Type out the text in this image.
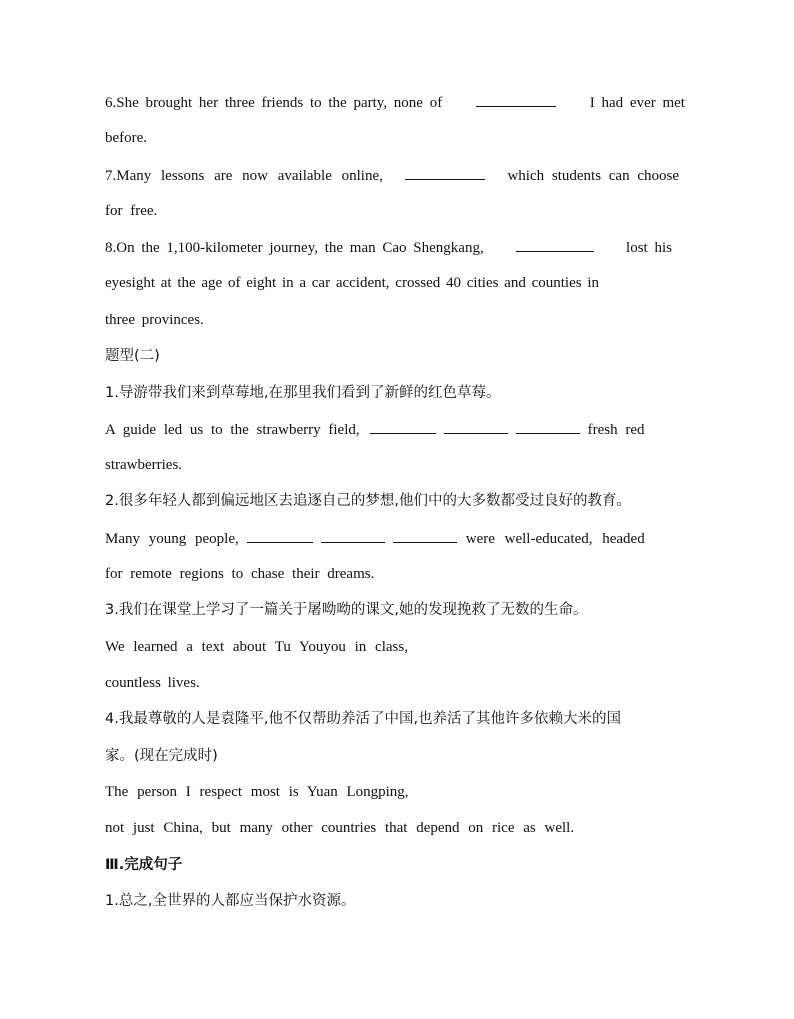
6.She brought her three friends to the party, none of	I had ever met
before.
7.Many lessons are now available online,	which students can choose
for free.
8.On the 1,100-kilometer journey, the man Cao Shengkang,	lost his
eyesight at the age of eight in a car accident, crossed 40 cities and counties in
three provinces.
题型(二)
1.导游带我们来到草莓地,在那里我们看到了新鲜的红色草莓。
A guide led us to the strawberry field,	fresh red
strawberries.
2.很多年轻人都到偏远地区去追逐自己的梦想,他们中的大多数都受过良好的教育。
Many young people,	were well-educated, headed
for remote regions to chase their dreams.
3.我们在课堂上学习了一篇关于屠呦呦的课文,她的发现挽救了无数的生命。
We learned a text about Tu Youyou in class,
countless lives.
4.我最尊敬的人是袁隆平,他不仅帮助养活了中国,也养活了其他许多依赖大米的国
家。(现在完成时)
The person I respect most is Yuan Longping,
not just China, but many other countries that depend on rice as well.
Ⅲ.完成句子
1.总之,全世界的人都应当保护水资源。
